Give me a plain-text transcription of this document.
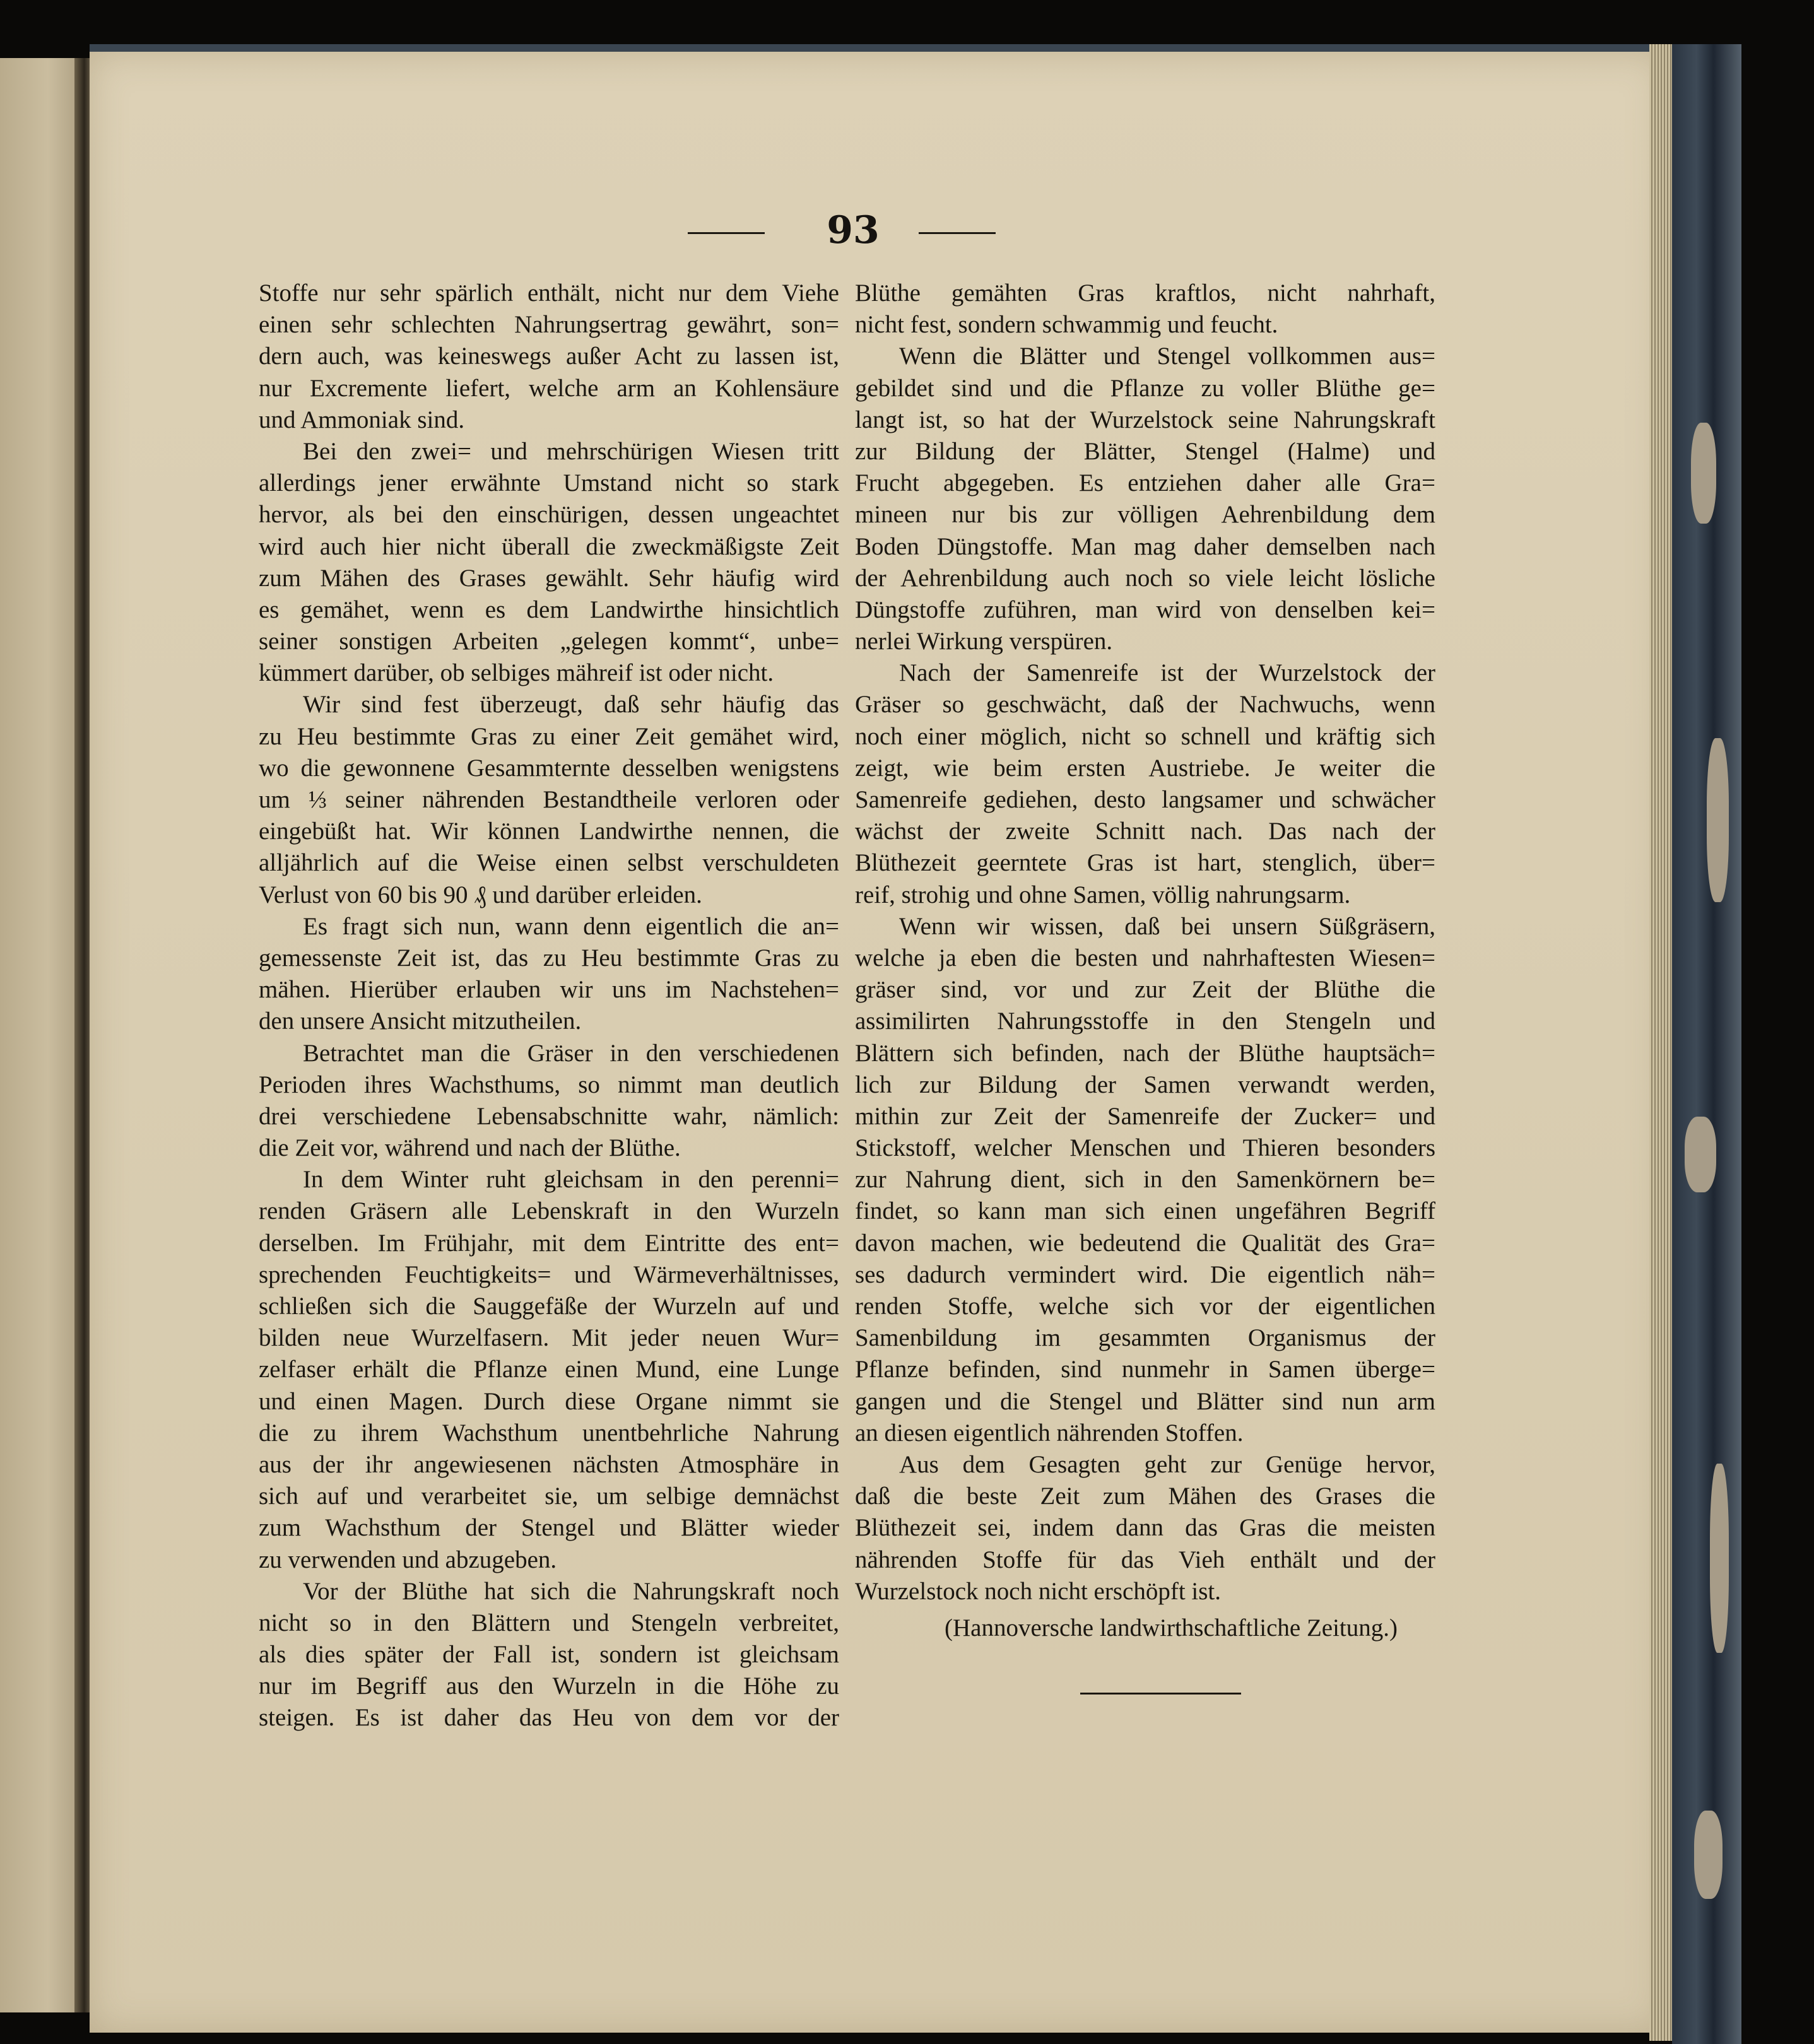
93

Stoffe nur sehr spärlich enthält, nicht nur dem Viehe

einen sehr schlechten Nahrungsertrag gewährt, son=

dern auch, was keineswegs außer Acht zu lassen ist,

nur Excremente liefert, welche arm an Kohlensäure

und Ammoniak sind.

Bei den zwei= und mehrschürigen Wiesen tritt

allerdings jener erwähnte Umstand nicht so stark

hervor, als bei den einschürigen, dessen ungeachtet

wird auch hier nicht überall die zweckmäßigste Zeit

zum Mähen des Grases gewählt. Sehr häufig wird

es gemähet, wenn es dem Landwirthe hinsichtlich

seiner sonstigen Arbeiten „gelegen kommt“, unbe=

kümmert darüber, ob selbiges mähreif ist oder nicht.

Wir sind fest überzeugt, daß sehr häufig das

zu Heu bestimmte Gras zu einer Zeit gemähet wird,

wo die gewonnene Gesammternte desselben wenigstens

um ⅓ seiner nährenden Bestandtheile verloren oder

eingebüßt hat. Wir können Landwirthe nennen, die

alljährlich auf die Weise einen selbst verschuldeten

Verlust von 60 bis 90 ₰ und darüber erleiden.

Es fragt sich nun, wann denn eigentlich die an=

gemessenste Zeit ist, das zu Heu bestimmte Gras zu

mähen. Hierüber erlauben wir uns im Nachstehen=

den unsere Ansicht mitzutheilen.

Betrachtet man die Gräser in den verschiedenen

Perioden ihres Wachsthums, so nimmt man deutlich

drei verschiedene Lebensabschnitte wahr, nämlich:

die Zeit vor, während und nach der Blüthe.

In dem Winter ruht gleichsam in den perenni=

renden Gräsern alle Lebenskraft in den Wurzeln

derselben. Im Frühjahr, mit dem Eintritte des ent=

sprechenden Feuchtigkeits= und Wärmeverhältnisses,

schließen sich die Sauggefäße der Wurzeln auf und

bilden neue Wurzelfasern. Mit jeder neuen Wur=

zelfaser erhält die Pflanze einen Mund, eine Lunge

und einen Magen. Durch diese Organe nimmt sie

die zu ihrem Wachsthum unentbehrliche Nahrung

aus der ihr angewiesenen nächsten Atmosphäre in

sich auf und verarbeitet sie, um selbige demnächst

zum Wachsthum der Stengel und Blätter wieder

zu verwenden und abzugeben.

Vor der Blüthe hat sich die Nahrungskraft noch

nicht so in den Blättern und Stengeln verbreitet,

als dies später der Fall ist, sondern ist gleichsam

nur im Begriff aus den Wurzeln in die Höhe zu

steigen. Es ist daher das Heu von dem vor der

Blüthe gemähten Gras kraftlos, nicht nahrhaft,

nicht fest, sondern schwammig und feucht.

Wenn die Blätter und Stengel vollkommen aus=

gebildet sind und die Pflanze zu voller Blüthe ge=

langt ist, so hat der Wurzelstock seine Nahrungskraft

zur Bildung der Blätter, Stengel (Halme) und

Frucht abgegeben. Es entziehen daher alle Gra=

mineen nur bis zur völligen Aehrenbildung dem

Boden Düngstoffe. Man mag daher demselben nach

der Aehrenbildung auch noch so viele leicht lösliche

Düngstoffe zuführen, man wird von denselben kei=

nerlei Wirkung verspüren.

Nach der Samenreife ist der Wurzelstock der

Gräser so geschwächt, daß der Nachwuchs, wenn

noch einer möglich, nicht so schnell und kräftig sich

zeigt, wie beim ersten Austriebe. Je weiter die

Samenreife gediehen, desto langsamer und schwächer

wächst der zweite Schnitt nach. Das nach der

Blüthezeit geerntete Gras ist hart, stenglich, über=

reif, strohig und ohne Samen, völlig nahrungsarm.

Wenn wir wissen, daß bei unsern Süßgräsern,

welche ja eben die besten und nahrhaftesten Wiesen=

gräser sind, vor und zur Zeit der Blüthe die

assimilirten Nahrungsstoffe in den Stengeln und

Blättern sich befinden, nach der Blüthe hauptsäch=

lich zur Bildung der Samen verwandt werden,

mithin zur Zeit der Samenreife der Zucker= und

Stickstoff, welcher Menschen und Thieren besonders

zur Nahrung dient, sich in den Samenkörnern be=

findet, so kann man sich einen ungefähren Begriff

davon machen, wie bedeutend die Qualität des Gra=

ses dadurch vermindert wird. Die eigentlich näh=

renden Stoffe, welche sich vor der eigentlichen

Samenbildung im gesammten Organismus der

Pflanze befinden, sind nunmehr in Samen überge=

gangen und die Stengel und Blätter sind nun arm

an diesen eigentlich nährenden Stoffen.

Aus dem Gesagten geht zur Genüge hervor,

daß die beste Zeit zum Mähen des Grases die

Blüthezeit sei, indem dann das Gras die meisten

nährenden Stoffe für das Vieh enthält und der

Wurzelstock noch nicht erschöpft ist.

(Hannoversche landwirthschaftliche Zeitung.)
